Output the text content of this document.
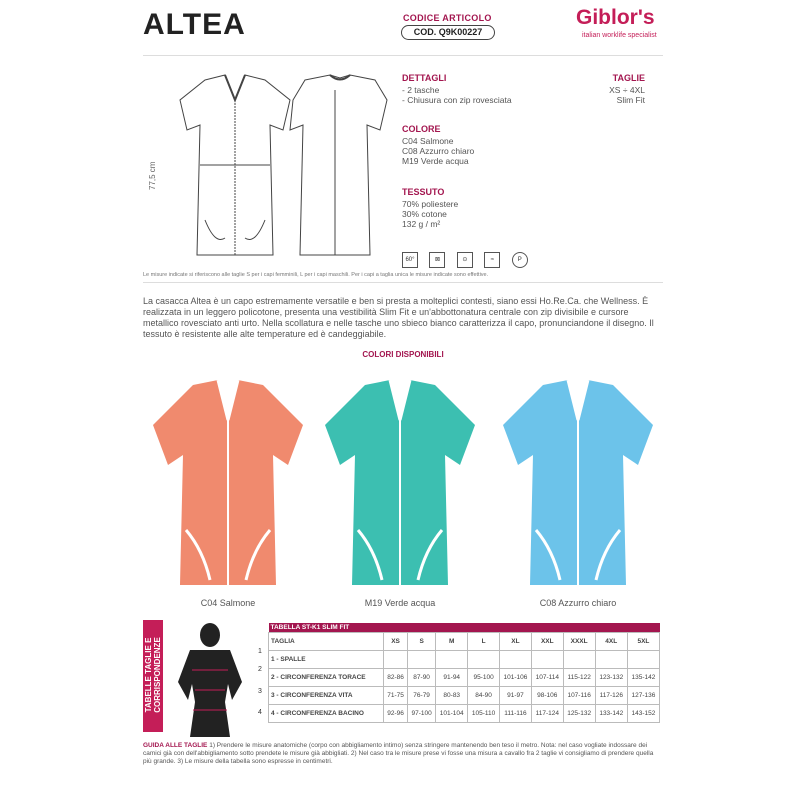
ALTEA	CODICE ARTICOLO
COD. Q9K00227
Giblor's
italian worklife specialist
77,5 cm
DETTAGLI
- 2 tasche
- Chiusura con zip rovesciata
TAGLIE
XS ÷ 4XL
Slim Fit
COLORE
C04 Salmone
C08 Azzurro chiaro
M19 Verde acqua
TESSUTO
70% poliestere
30% cotone
132 g / m²
60°	⊠	⊙	≈	P
Le misure indicate si riferiscono alle taglie S per i capi femminili, L per i capi maschili. Per i capi a taglia unica le misure indicate sono effettive.
La casacca Altea è un capo estremamente versatile e ben si presta a molteplici contesti, siano essi Ho.Re.Ca. che Wellness. È realizzata in un leggero policotone, presenta una vestibilità Slim Fit e un'abbottonatura centrale con zip divisibile e cursore metallico rovesciato anti urto. Nella scollatura e nelle tasche uno sbieco bianco caratterizza il capo, pronunciandone il disegno. Il tessuto è resistente alle alte temperature ed è candeggiabile.
COLORI DISPONIBILI
C04 Salmone	M19 Verde acqua	C08 Azzurro chiaro
TABELLE TAGLIE E CORRISPONDENZE	1
2
3
4
TABELLA ST-K1 SLIM FIT									
TAGLIA	XS	S	M	L	XL	XXL	XXXL	4XL	5XL
1 - SPALLE									
2 - CIRCONFERENZA TORACE	82-86	87-90	91-94	95-100	101-106	107-114	115-122	123-132	135-142
3 - CIRCONFERENZA VITA	71-75	76-79	80-83	84-90	91-97	98-106	107-116	117-126	127-136
4 - CIRCONFERENZA BACINO	92-96	97-100	101-104	105-110	111-116	117-124	125-132	133-142	143-152
GUIDA ALLE TAGLIE 1) Prendere le misure anatomiche (corpo con abbigliamento intimo) senza stringere mantenendo ben teso il metro. Nota: nel caso vogliate indossare dei camici già con dell'abbigliamento sotto prendete le misure già abbigliati. 2) Nel caso tra le misure prese vi fosse una misura a cavallo fra 2 taglie vi consigliamo di prendere quella più grande. 3) Le misure della tabella sono espresse in centimetri.
